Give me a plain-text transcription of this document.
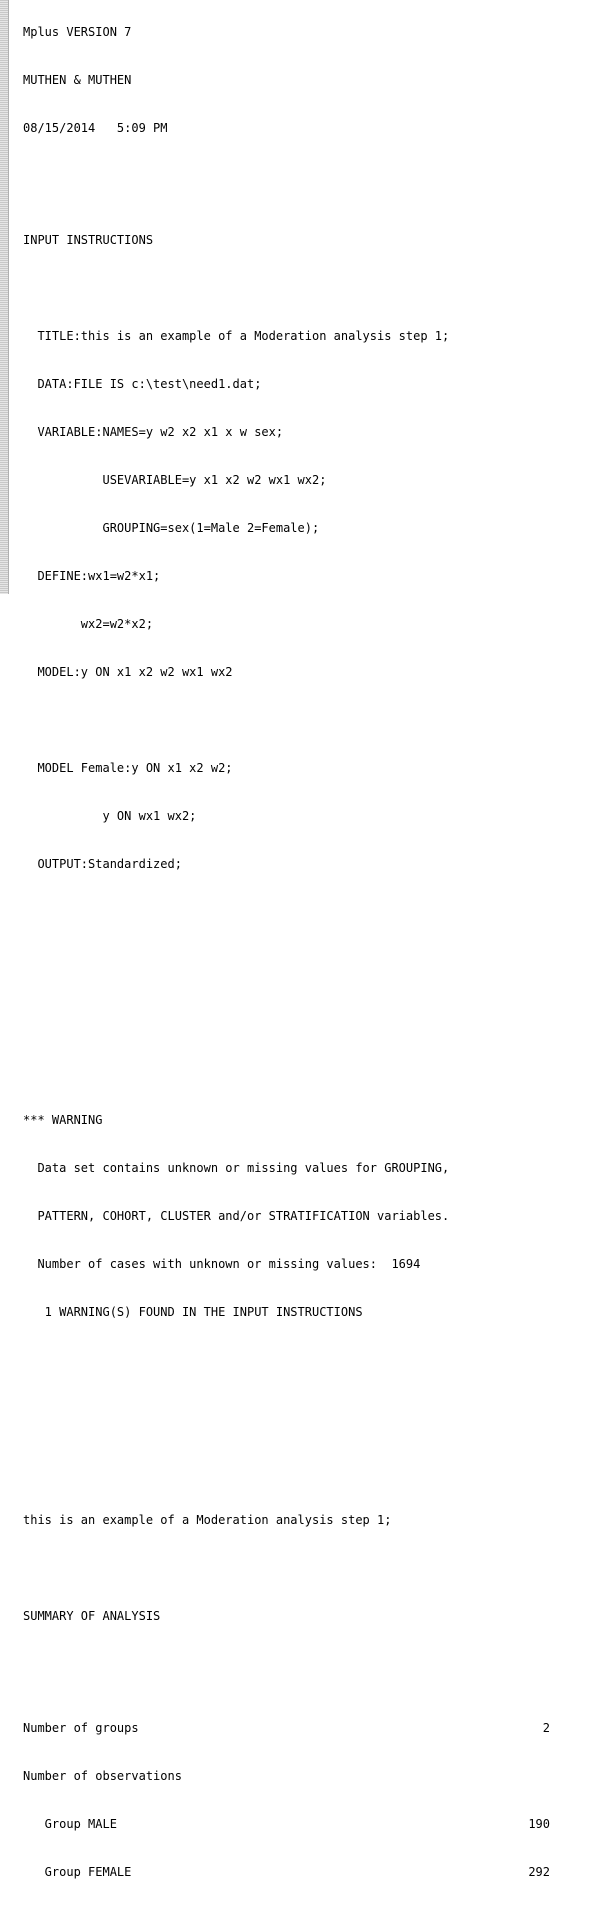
Mplus VERSION 7

MUTHEN & MUTHEN

08/15/2014   5:09 PM

INPUT INSTRUCTIONS

TITLE:this is an example of a Moderation analysis step 1;

DATA:FILE IS c:\test\need1.dat;

VARIABLE:NAMES=y w2 x2 x1 x w sex;

USEVARIABLE=y x1 x2 w2 wx1 wx2;

GROUPING=sex(1=Male 2=Female);

DEFINE:wx1=w2*x1;

wx2=w2*x2;

MODEL:y ON x1 x2 w2 wx1 wx2

MODEL Female:y ON x1 x2 w2;

y ON wx1 wx2;

OUTPUT:Standardized;

*** WARNING

Data set contains unknown or missing values for GROUPING,

PATTERN, COHORT, CLUSTER and/or STRATIFICATION variables.

Number of cases with unknown or missing values:  1694

1 WARNING(S) FOUND IN THE INPUT INSTRUCTIONS

this is an example of a Moderation analysis step 1;

SUMMARY OF ANALYSIS

Number of groups	2

Number of observations

Group MALE	190

Group FEMALE	292
